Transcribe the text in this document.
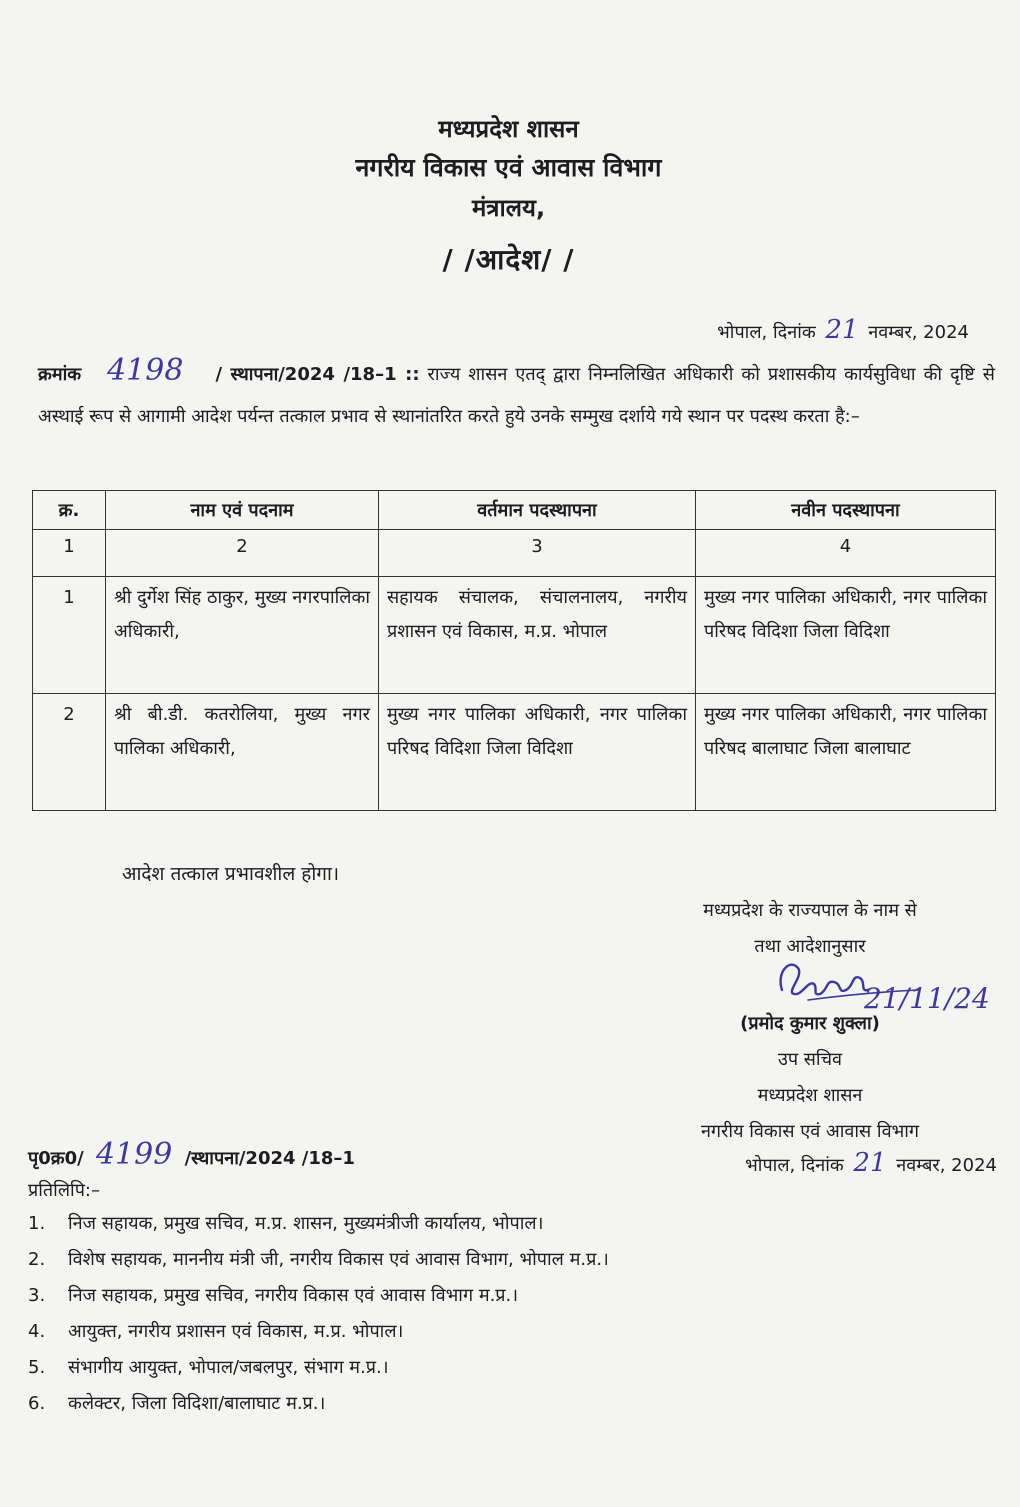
मध्यप्रदेश शासन
नगरीय विकास एवं आवास विभाग
मंत्रालय,
/ /आदेश/ /
भोपाल, दिनांक 21 नवम्बर, 2024
क्रमांक 4198 / स्थापना/2024 /18–1 :: राज्य शासन एतद् द्वारा निम्नलिखित अधिकारी को प्रशासकीय कार्यसुविधा की दृष्टि से अस्थाई रूप से आगामी आदेश पर्यन्त तत्काल प्रभाव से स्थानांतरित करते हुये उनके सम्मुख दर्शाये गये स्थान पर पदस्थ करता है:–
क्र.	नाम एवं पदनाम	वर्तमान पदस्थापना	नवीन पदस्थापना
1	2	3	4
1	श्री दुर्गेश सिंह ठाकुर, मुख्य नगरपालिका अधिकारी,	सहायक संचालक, संचालनालय, नगरीय प्रशासन एवं विकास, म.प्र. भोपाल	मुख्य नगर पालिका अधिकारी, नगर पालिका परिषद विदिशा जिला विदिशा
2	श्री बी.डी. कतरोलिया, मुख्य नगर पालिका अधिकारी,	मुख्य नगर पालिका अधिकारी, नगर पालिका परिषद विदिशा जिला विदिशा	मुख्य नगर पालिका अधिकारी, नगर पालिका परिषद बालाघाट जिला बालाघाट
आदेश तत्काल प्रभावशील होगा।
मध्यप्रदेश के राज्यपाल के नाम से
तथा आदेशानुसार
21/11/24
(प्रमोद कुमार शुक्ला)
उप सचिव
मध्यप्रदेश शासन
नगरीय विकास एवं आवास विभाग
पृ0क्र0/ 4199 /स्थापना/2024 /18–1	भोपाल, दिनांक 21 नवम्बर, 2024
प्रतिलिपि:–
1.	निज सहायक, प्रमुख सचिव, म.प्र. शासन, मुख्यमंत्रीजी कार्यालय, भोपाल।
2.	विशेष सहायक, माननीय मंत्री जी, नगरीय विकास एवं आवास विभाग, भोपाल म.प्र.।
3.	निज सहायक, प्रमुख सचिव, नगरीय विकास एवं आवास विभाग म.प्र.।
4.	आयुक्त, नगरीय प्रशासन एवं विकास, म.प्र. भोपाल।
5.	संभागीय आयुक्त, भोपाल/जबलपुर, संभाग म.प्र.।
6.	कलेक्टर, जिला विदिशा/बालाघाट म.प्र.।
